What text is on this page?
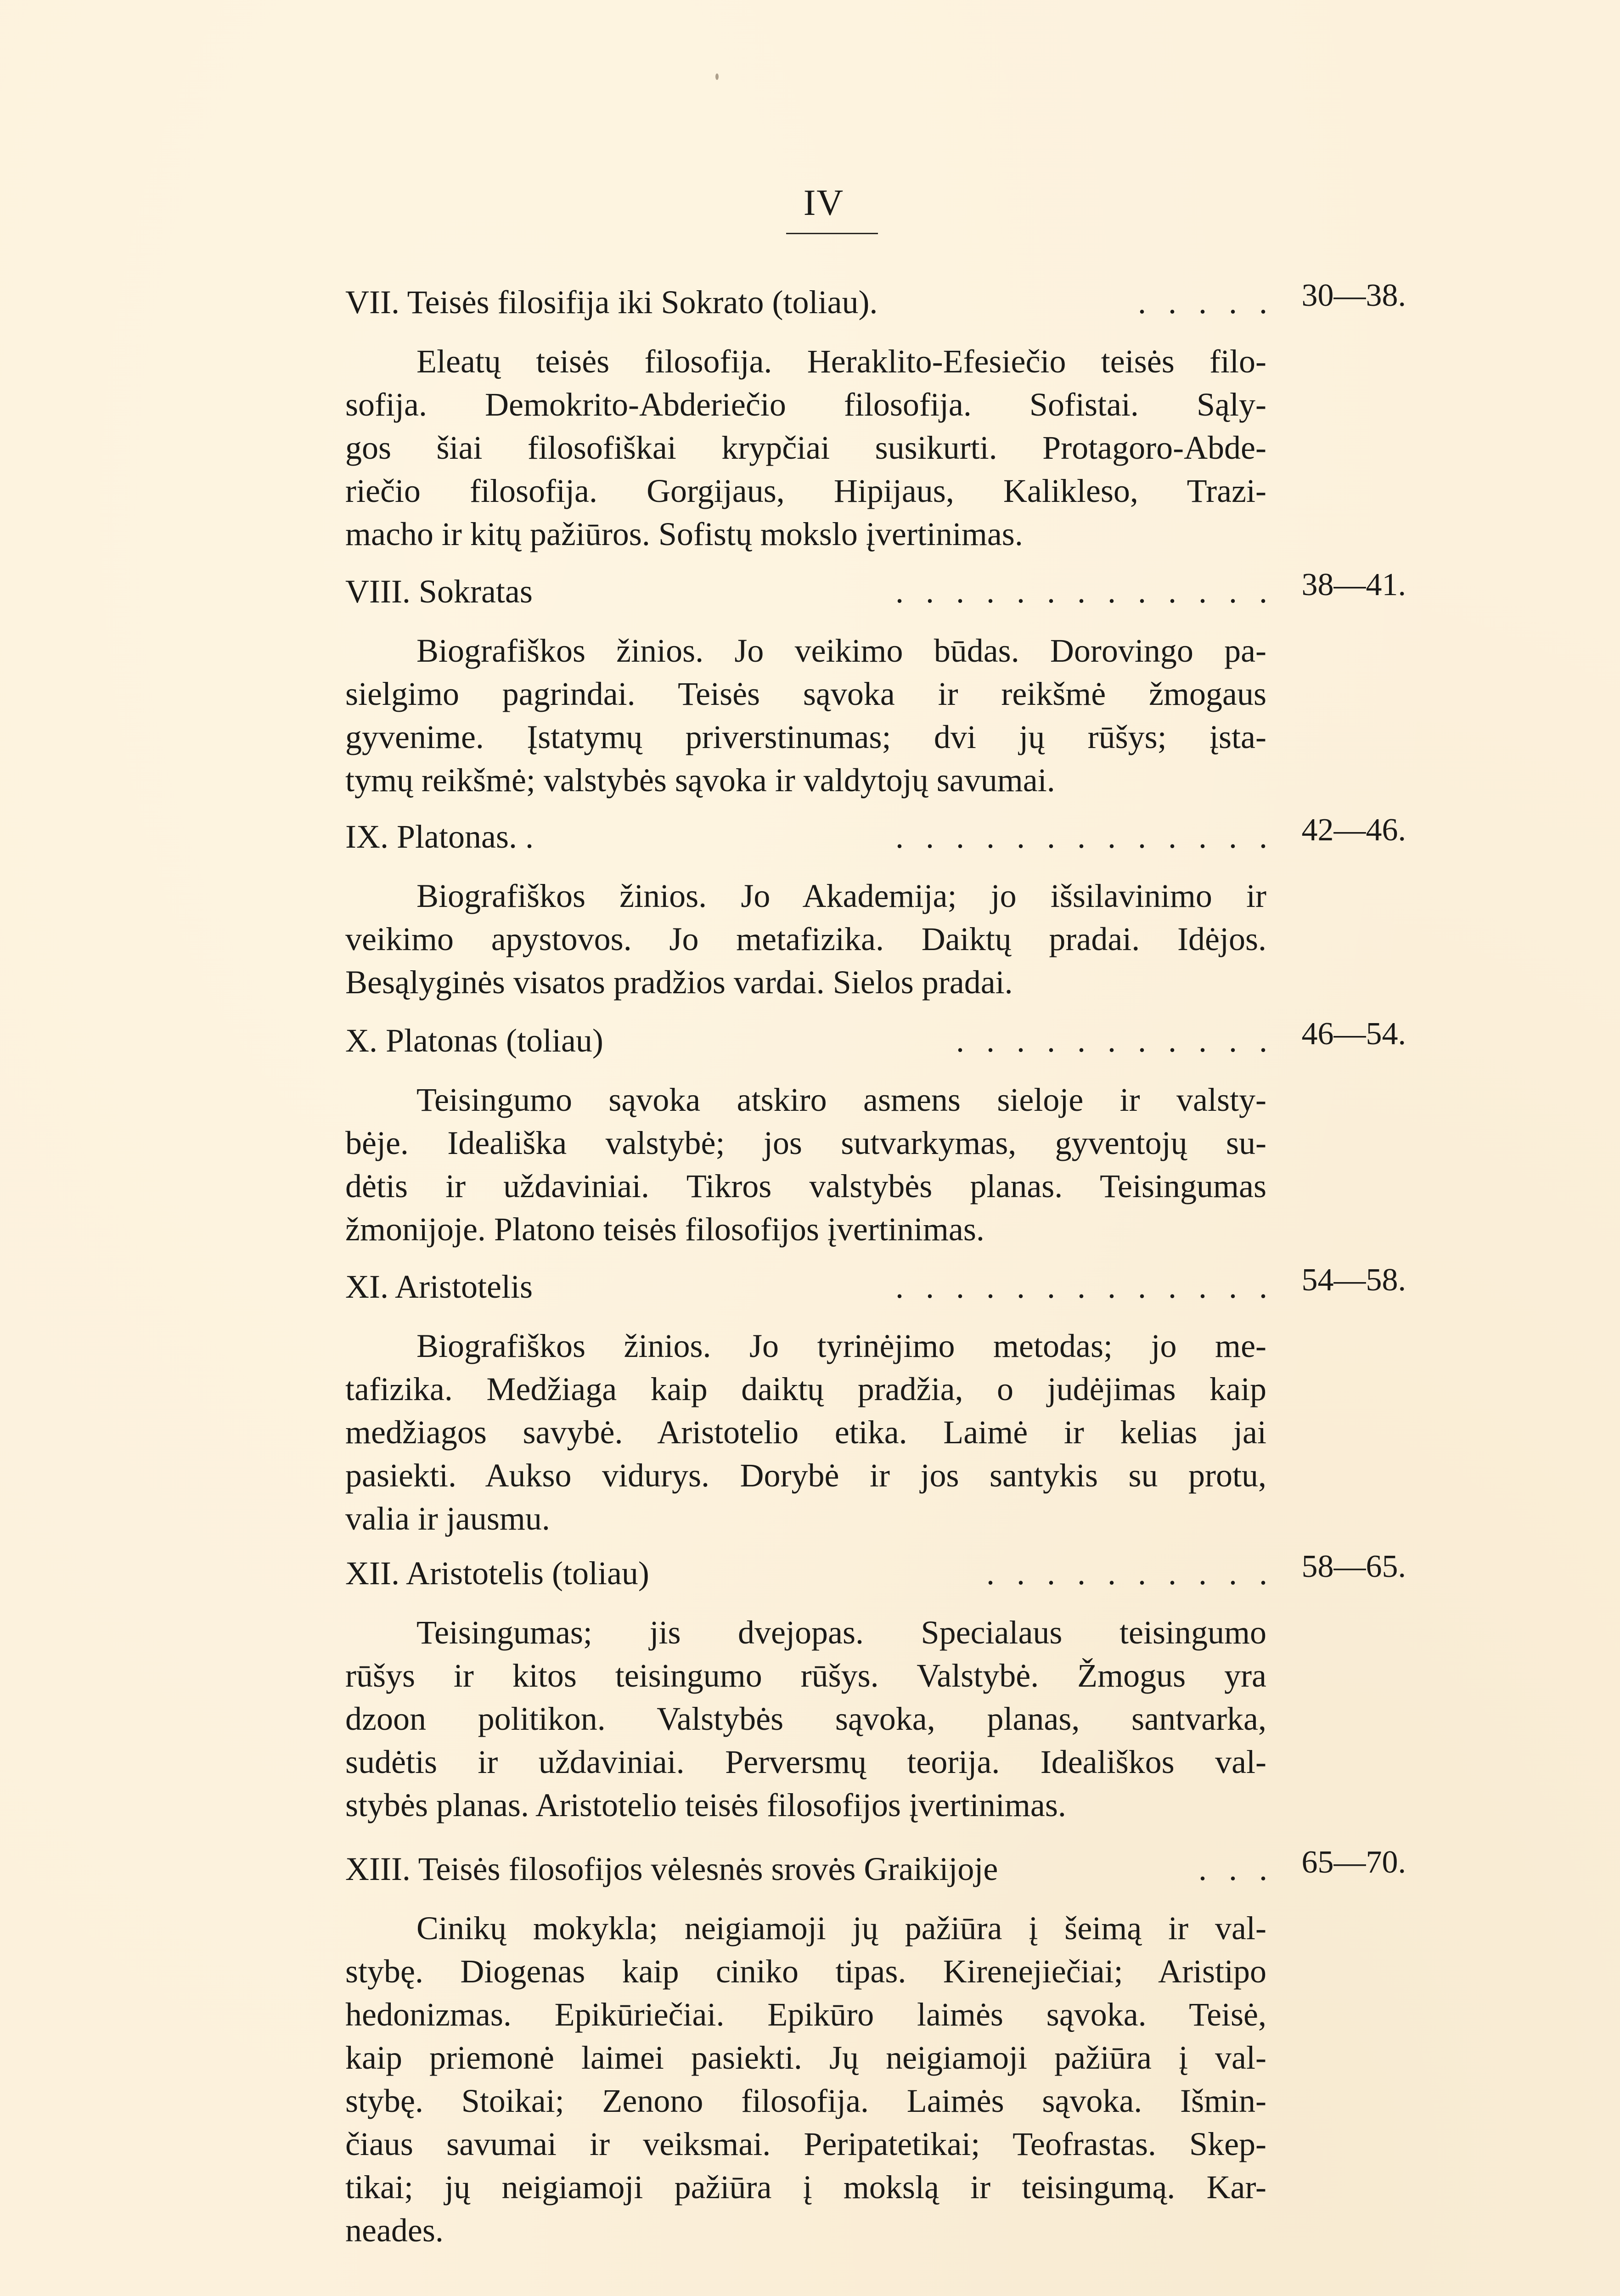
IV
VII. Teisės filosifija iki Sokrato (toliau).	. . . . . 30—38.
Eleatų teisės filosofija. Heraklito-Efesiečio teisės filo-
sofija. Demokrito-Abderiečio filosofija. Sofistai. Sąly-
gos šiai filosofiškai krypčiai susikurti. Protagoro-Abde-
riečio filosofija. Gorgijaus, Hipijaus, Kalikleso, Trazi-
macho ir kitų pažiūros. Sofistų mokslo įvertinimas.
VIII. Sokratas	. . . . . . . . . . . . . 38—41.
Biografiškos žinios. Jo veikimo būdas. Dorovingo pa-
sielgimo pagrindai. Teisės sąvoka ir reikšmė žmogaus
gyvenime. Įstatymų priverstinumas; dvi jų rūšys; įsta-
tymų reikšmė; valstybės sąvoka ir valdytojų savumai.
IX. Platonas. .	. . . . . . . . . . . . . 42—46.
Biografiškos žinios. Jo Akademija; jo išsilavinimo ir
veikimo apystovos. Jo metafizika. Daiktų pradai. Idėjos.
Besąlyginės visatos pradžios vardai. Sielos pradai.
X. Platonas (toliau)	. . . . . . . . . . . 46—54.
Teisingumo sąvoka atskiro asmens sieloje ir valsty-
bėje. Ideališka valstybė; jos sutvarkymas, gyventojų su-
dėtis ir uždaviniai. Tikros valstybės planas. Teisingumas
žmonijoje. Platono teisės filosofijos įvertinimas.
XI. Aristotelis	. . . . . . . . . . . . . 54—58.
Biografiškos žinios. Jo tyrinėjimo metodas; jo me-
tafizika. Medžiaga kaip daiktų pradžia, o judėjimas kaip
medžiagos savybė. Aristotelio etika. Laimė ir kelias jai
pasiekti. Aukso vidurys. Dorybė ir jos santykis su protu,
valia ir jausmu.
XII. Aristotelis (toliau)	. . . . . . . . . . 58—65.
Teisingumas; jis dvejopas. Specialaus teisingumo
rūšys ir kitos teisingumo rūšys. Valstybė. Žmogus yra
dzoon politikon. Valstybės sąvoka, planas, santvarka,
sudėtis ir uždaviniai. Perversmų teorija. Ideališkos val-
stybės planas. Aristotelio teisės filosofijos įvertinimas.
XIII. Teisės filosofijos vėlesnės srovės Graikijoje	. . . 65—70.
Cinikų mokykla; neigiamoji jų pažiūra į šeimą ir val-
stybę. Diogenas kaip ciniko tipas. Kirenejiečiai; Aristipo
hedonizmas. Epikūriečiai. Epikūro laimės sąvoka. Teisė,
kaip priemonė laimei pasiekti. Jų neigiamoji pažiūra į val-
stybę. Stoikai; Zenono filosofija. Laimės sąvoka. Išmin-
čiaus savumai ir veiksmai. Peripatetikai; Teofrastas. Skep-
tikai; jų neigiamoji pažiūra į mokslą ir teisingumą. Kar-
neades.
